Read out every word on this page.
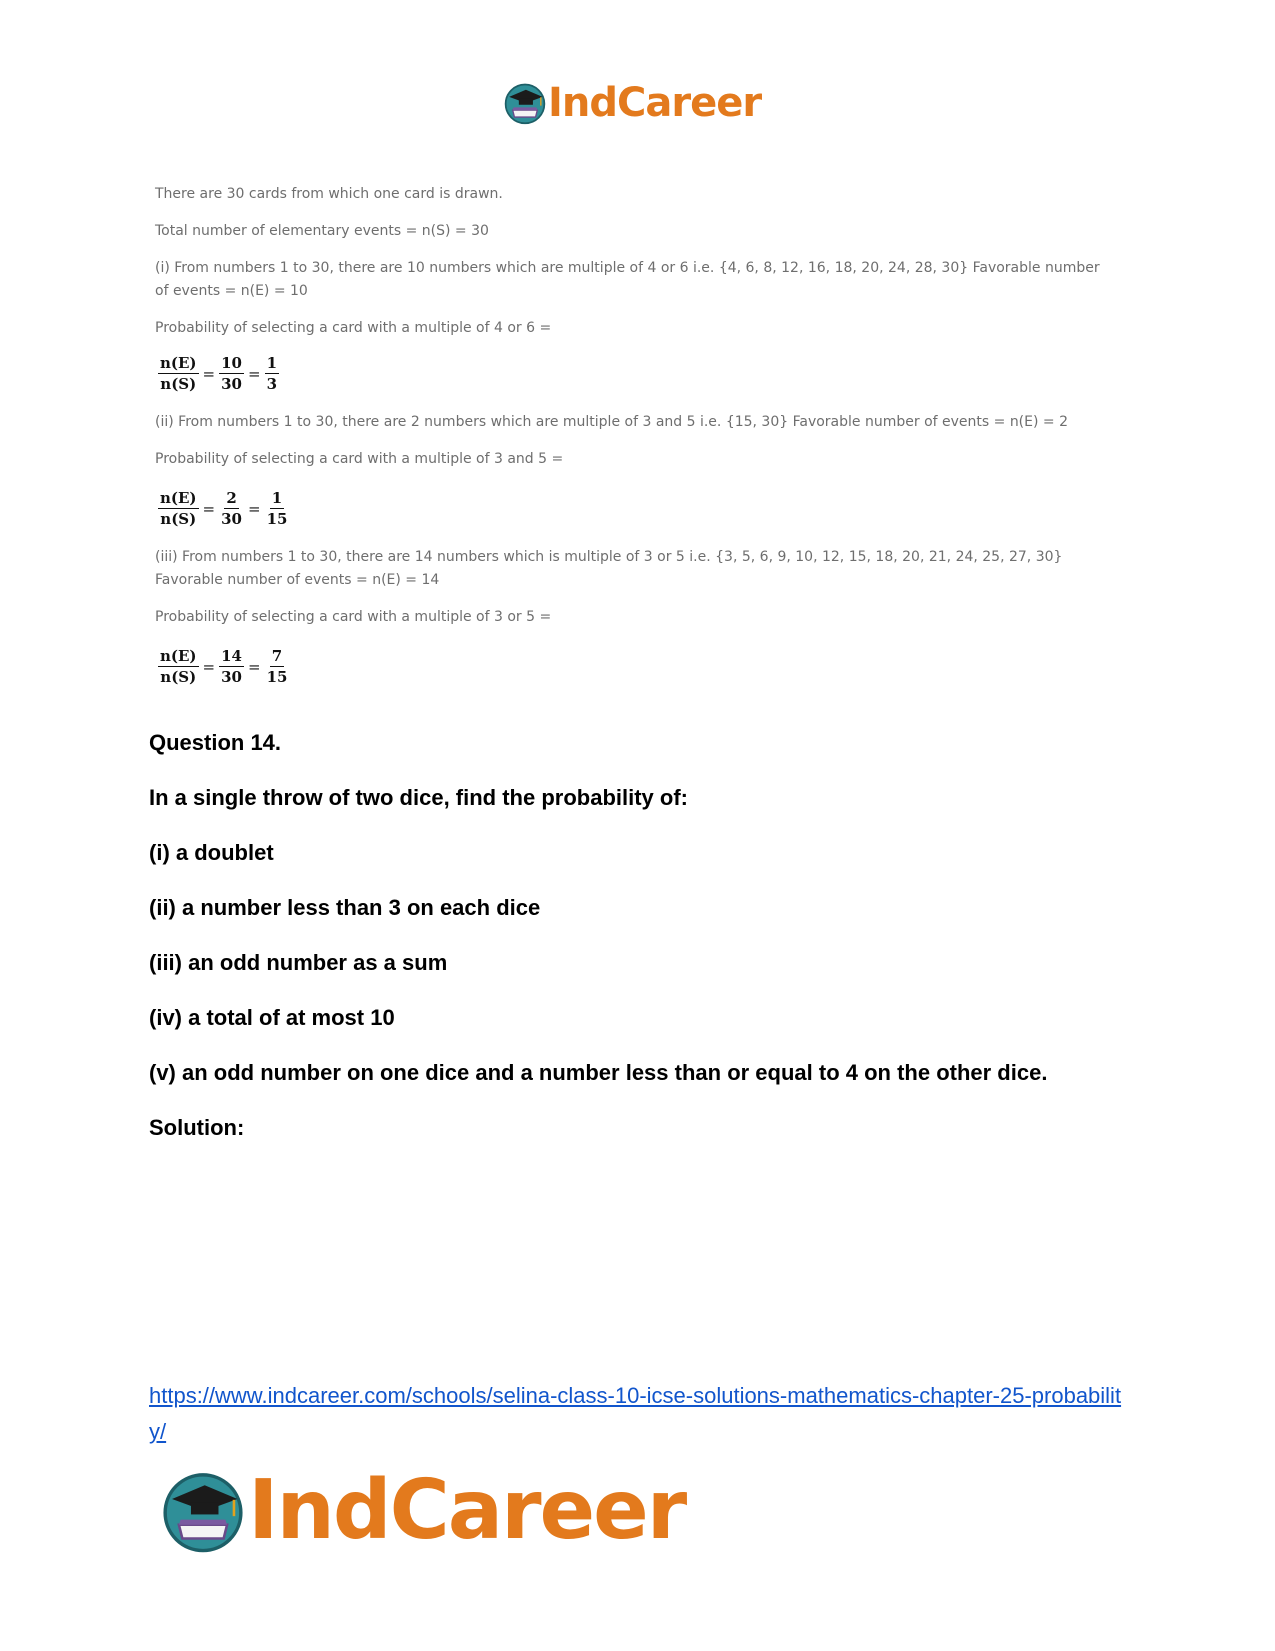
IndCareer
There are 30 cards from which one card is drawn.
Total number of elementary events = n(S) = 30
(i) From numbers 1 to 30, there are 10 numbers which are multiple of 4 or 6 i.e. {4, 6, 8, 12, 16, 18, 20, 24, 28, 30} Favorable number of events = n(E) = 10
Probability of selecting a card with a multiple of 4 or 6 =
$\frac{n(E)}{n(S)} = \frac{10}{30} = \frac{1}{3}$
(ii) From numbers 1 to 30, there are 2 numbers which are multiple of 3 and 5 i.e. {15, 30} Favorable number of events = n(E) = 2
Probability of selecting a card with a multiple of 3 and 5 =
$\frac{n(E)}{n(S)} = \frac{2}{30} = \frac{1}{15}$
(iii) From numbers 1 to 30, there are 14 numbers which is multiple of 3 or 5 i.e. {3, 5, 6, 9, 10, 12, 15, 18, 20, 21, 24, 25, 27, 30} Favorable number of events = n(E) = 14
Probability of selecting a card with a multiple of 3 or 5 =
$\frac{n(E)}{n(S)} = \frac{14}{30} = \frac{7}{15}$
Question 14.
In a single throw of two dice, find the probability of:
(i) a doublet
(ii) a number less than 3 on each dice
(iii) an odd number as a sum
(iv) a total of at most 10
(v) an odd number on one dice and a number less than or equal to 4 on the other dice.
Solution:
https://www.indcareer.com/schools/selina-class-10-icse-solutions-mathematics-chapter-25-probability/
IndCareer
